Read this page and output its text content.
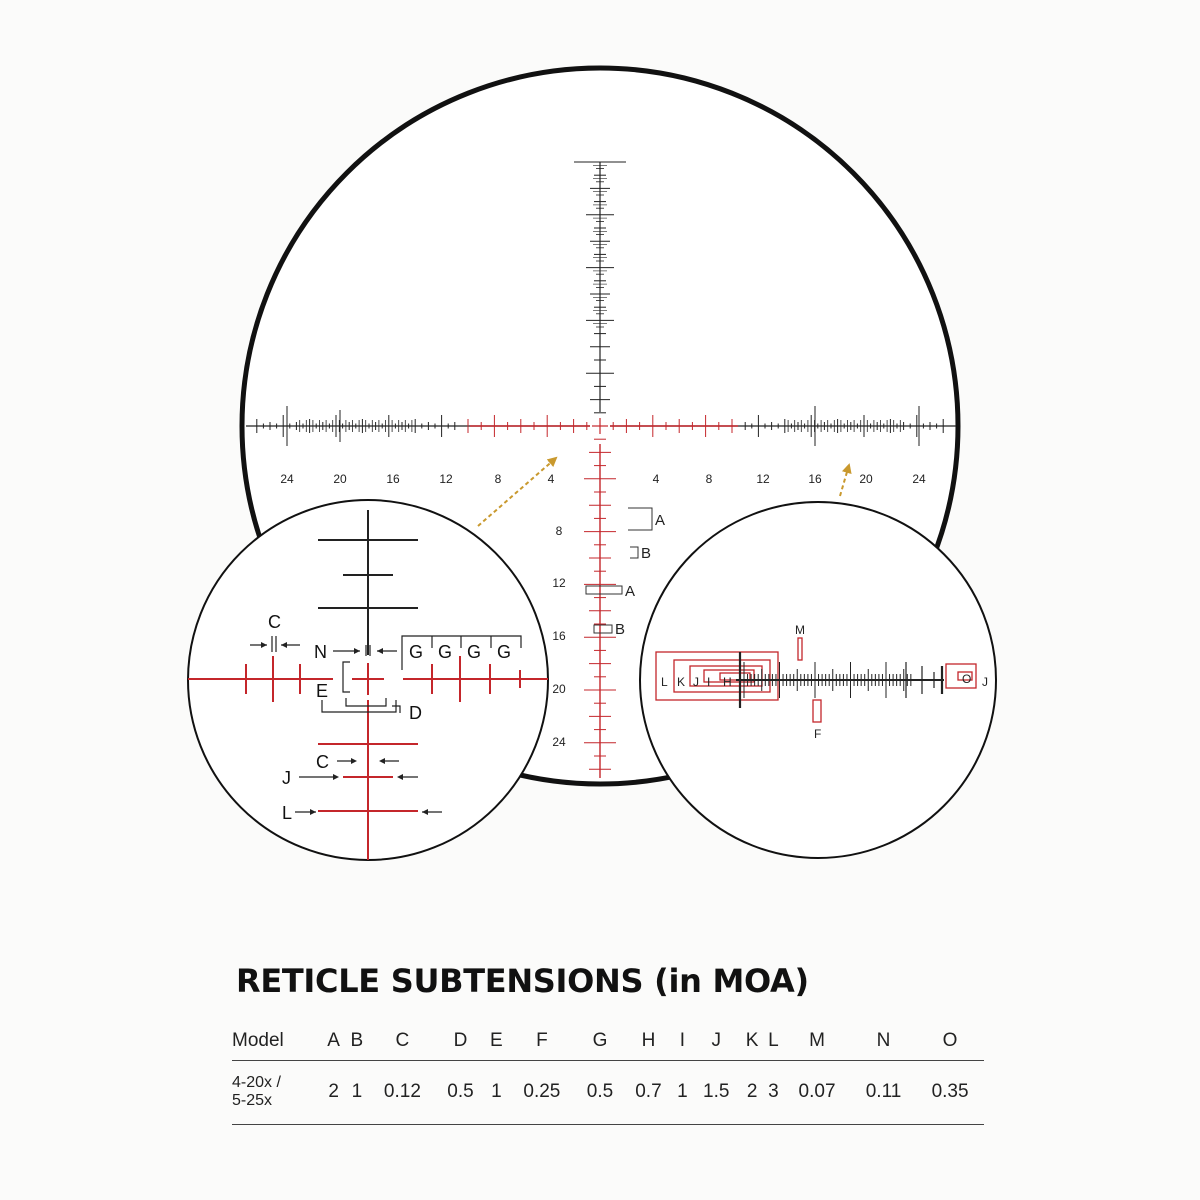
24	20	16	12	8	4	4	8	12	16	20	24
8
12
16
20
24
A
B
A
B
C
N	G G G G
E
D
C
J
L
M
F
L K J I H	O J
RETICLE SUBTENSIONS (in MOA)
Model	A	B	C	D	E	F	G	H	I	J	K	L	M	N	O
4-20x /
5-25x	2	1	0.12	0.5	1	0.25	0.5	0.7	1	1.5	2	3	0.07	0.11	0.35
